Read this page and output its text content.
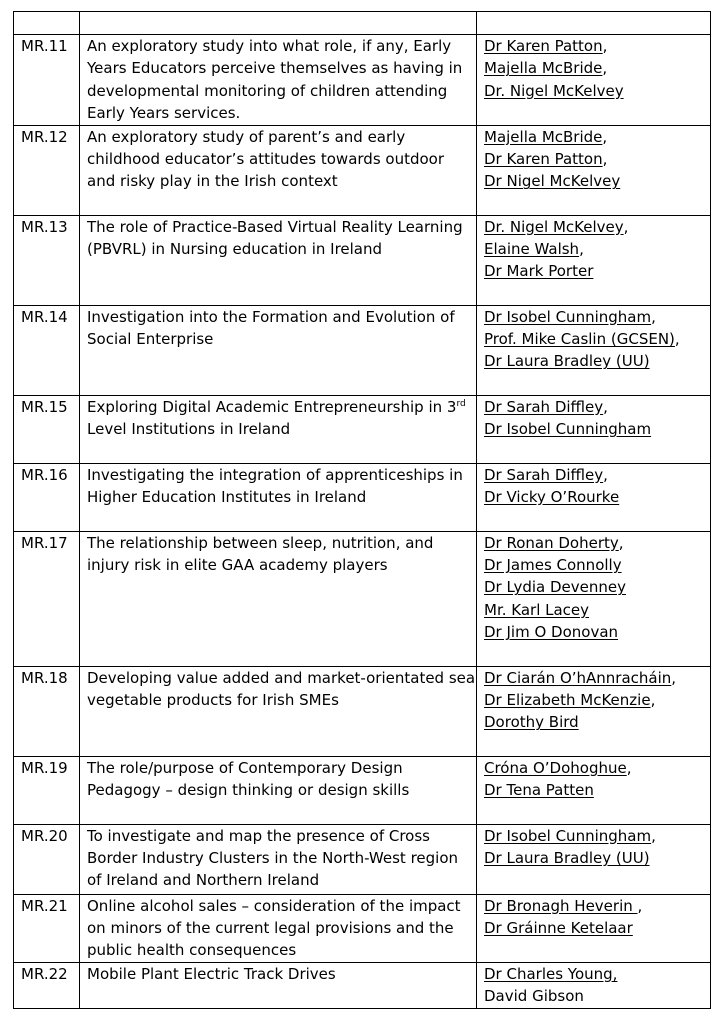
MR.11	An exploratory study into what role, if any, Early Years Educators perceive themselves as having in developmental monitoring of children attending Early Years services.	Dr Karen Patton,
Majella McBride,
Dr. Nigel McKelvey

MR.12	An exploratory study of parent’s and early childhood educator’s attitudes towards outdoor and risky play in the Irish context	Majella McBride,
Dr Karen Patton,
Dr Nigel McKelvey

MR.13	The role of Practice-Based Virtual Reality Learning (PBVRL) in Nursing education in Ireland	Dr. Nigel McKelvey,
Elaine Walsh,
Dr Mark Porter

MR.14	Investigation into the Formation and Evolution of Social Enterprise	Dr Isobel Cunningham,
Prof. Mike Caslin (GCSEN),
Dr Laura Bradley (UU)

MR.15	Exploring Digital Academic Entrepreneurship in 3rd Level Institutions in Ireland	Dr Sarah Diffley,
Dr Isobel Cunningham

MR.16	Investigating the integration of apprenticeships in Higher Education Institutes in Ireland	Dr Sarah Diffley,
Dr Vicky O’Rourke

MR.17	The relationship between sleep, nutrition, and injury risk in elite GAA academy players	Dr Ronan Doherty,
Dr James Connolly
Dr Lydia Devenney
Mr. Karl Lacey
Dr Jim O Donovan

MR.18	Developing value added and market-orientated sea vegetable products for Irish SMEs	Dr Ciarán O’hAnnracháin,
Dr Elizabeth McKenzie,
Dorothy Bird

MR.19	The role/purpose of Contemporary Design Pedagogy – design thinking or design skills	Cróna O’Dohoghue,
Dr Tena Patten

MR.20	To investigate and map the presence of Cross Border Industry Clusters in the North-West region of Ireland and Northern Ireland	Dr Isobel Cunningham,
Dr Laura Bradley (UU)

MR.21	Online alcohol sales – consideration of the impact on minors of the current legal provisions and the public health consequences	Dr Bronagh Heverin ,
Dr Gráinne Ketelaar

MR.22	Mobile Plant Electric Track Drives	Dr Charles Young,
David Gibson
